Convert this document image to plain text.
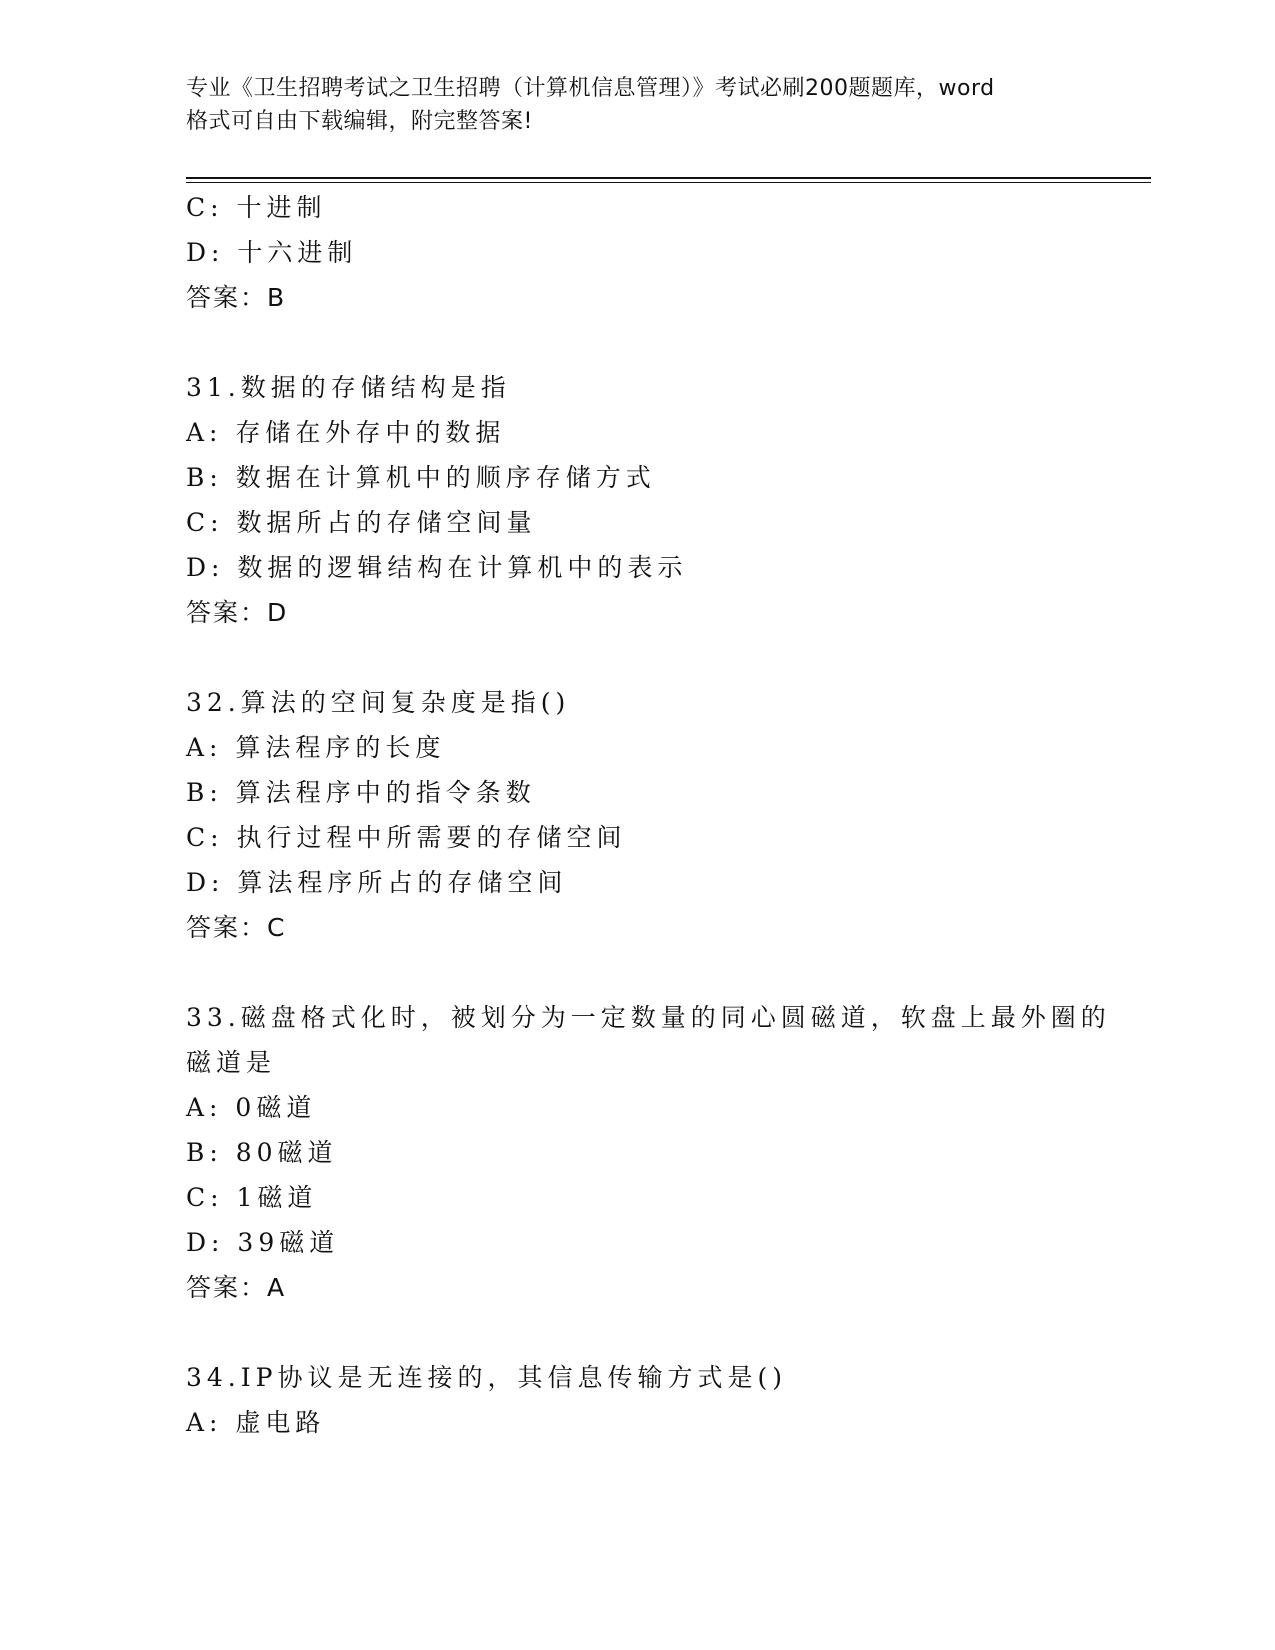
专业《卫生招聘考试之卫生招聘（计算机信息管理）》考试必刷200题题库，word
格式可自由下载编辑，附完整答案!
C: 十进制
D: 十六进制
答案：B
31.数据的存储结构是指
A: 存储在外存中的数据
B: 数据在计算机中的顺序存储方式
C: 数据所占的存储空间量
D: 数据的逻辑结构在计算机中的表示
答案：D
32.算法的空间复杂度是指()
A: 算法程序的长度
B: 算法程序中的指令条数
C: 执行过程中所需要的存储空间
D: 算法程序所占的存储空间
答案：C
33.磁盘格式化时，被划分为一定数量的同心圆磁道，软盘上最外圈的
磁道是
A: 0磁道
B: 80磁道
C: 1磁道
D: 39磁道
答案：A
34.IP协议是无连接的，其信息传输方式是()
A: 虚电路
